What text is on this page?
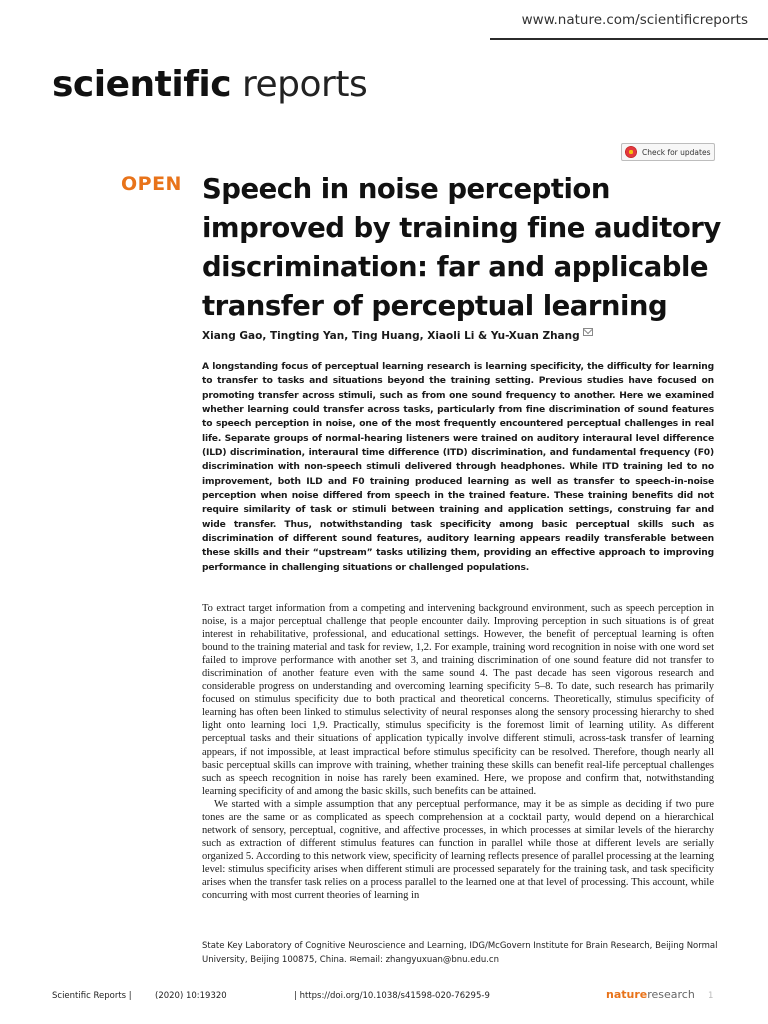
www.nature.com/scientificreports
scientific reports
Check for updates
OPEN Speech in noise perception
improved by training fine auditory
discrimination: far and applicable
transfer of perceptual learning
Xiang Gao, Tingting Yan, Ting Huang, Xiaoli Li & Yu-Xuan Zhang
A longstanding focus of perceptual learning research is learning specificity, the difficulty for learning to transfer to tasks and situations beyond the training setting. Previous studies have focused on promoting transfer across stimuli, such as from one sound frequency to another. Here we examined whether learning could transfer across tasks, particularly from fine discrimination of sound features to speech perception in noise, one of the most frequently encountered perceptual challenges in real life. Separate groups of normal-hearing listeners were trained on auditory interaural level difference (ILD) discrimination, interaural time difference (ITD) discrimination, and fundamental frequency (F0) discrimination with non-speech stimuli delivered through headphones. While ITD training led to no improvement, both ILD and F0 training produced learning as well as transfer to speech-in-noise perception when noise differed from speech in the trained feature. These training benefits did not require similarity of task or stimuli between training and application settings, construing far and wide transfer. Thus, notwithstanding task specificity among basic perceptual skills such as discrimination of different sound features, auditory learning appears readily transferable between these skills and their “upstream” tasks utilizing them, providing an effective approach to improving performance in challenging situations or challenged populations.

To extract target information from a competing and intervening background environment, such as speech perception in noise, is a major perceptual challenge that people encounter daily. Improving perception in such situations is of great interest in rehabilitative, professional, and educational settings. However, the benefit of perceptual learning is often bound to the training material and task for review, 1,2. For example, training word recognition in noise with one word set failed to improve performance with another set 3, and training discrimination of one sound feature did not transfer to discrimination of another feature even with the same sound 4. The past decade has seen vigorous research and considerable progress on understanding and overcoming learning specificity 5–8. To date, such research has primarily focused on stimulus specificity due to both practical and theoretical concerns. Theoretically, stimulus specificity of learning has often been linked to stimulus selectivity of neural responses along the sensory processing hierarchy to shed light onto learning loci 1,9. Practically, stimulus specificity is the foremost limit of learning utility. As different perceptual tasks and their situations of application typically involve different stimuli, across-task transfer of learning appears, if not impossible, at least impractical before stimulus specificity can be resolved. Therefore, though nearly all basic perceptual skills can improve with training, whether training these skills can benefit real-life perceptual challenges such as speech recognition in noise has rarely been examined. Here, we propose and confirm that, notwithstanding learning specificity of and among the basic skills, such benefits can be attained.

We started with a simple assumption that any perceptual performance, may it be as simple as deciding if two pure tones are the same or as complicated as speech comprehension at a cocktail party, would depend on a hierarchical network of sensory, perceptual, cognitive, and affective processes, in which processes at similar levels of the hierarchy such as extraction of different stimulus features can function in parallel while those at different levels are serially organized 5. According to this network view, specificity of learning reflects presence of parallel processing at the learning level: stimulus specificity arises when different stimuli are processed separately for the training task, and task specificity arises when the transfer task relies on a process parallel to the learned one at that level of processing. This account, while concurring with most current theories of learning in

State Key Laboratory of Cognitive Neuroscience and Learning, IDG/McGovern Institute for Brain Research, Beijing Normal University, Beijing 100875, China. ✉email: zhangyuxuan@bnu.edu.cn
Scientific Reports |	(2020) 10:19320	| https://doi.org/10.1038/s41598-020-76295-9	natureresearch 1
